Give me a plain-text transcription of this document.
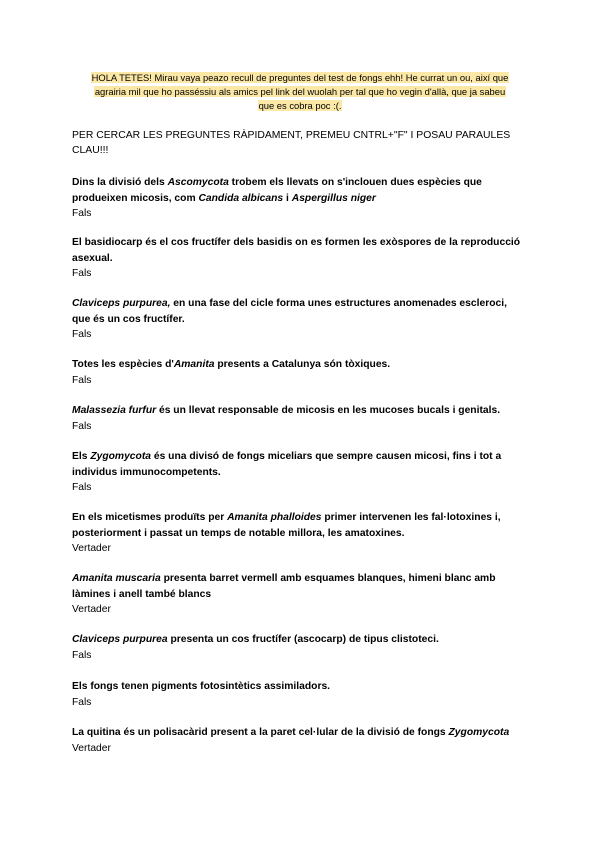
HOLA TETES! Mirau vaya peazo recull de preguntes del test de fongs ehh! He currat un ou, així que
agrairia mil que ho passéssiu als amics pel link del wuolah per tal que ho vegin d'allà, que ja sabeu
que es cobra poc :(.
PER CERCAR LES PREGUNTES RÀPIDAMENT, PREMEU CNTRL+"F" I POSAU PARAULES CLAU!!!
Dins la divisió dels Ascomycota trobem els llevats on s'inclouen dues espècies que
produeixen micosis, com Candida albicans i Aspergillus niger
Fals
El basidiocarp és el cos fructífer dels basidis on es formen les exòspores de la reproducció
asexual.
Fals
Claviceps purpurea, en una fase del cicle forma unes estructures anomenades escleroci,
que és un cos fructífer.
Fals
Totes les espècies d'Amanita presents a Catalunya són tòxiques.
Fals
Malassezia furfur és un llevat responsable de micosis en les mucoses bucals i genitals.
Fals
Els Zygomycota és una divisó de fongs miceliars que sempre causen micosi, fins i tot a
individus immunocompetents.
Fals
En els micetismes produïts per Amanita phalloides primer intervenen les fal·lotoxines i,
posteriorment i passat un temps de notable millora, les amatoxines.
Vertader
Amanita muscaria presenta barret vermell amb esquames blanques, himeni blanc amb
làmines i anell també blancs
Vertader
Claviceps purpurea presenta un cos fructífer (ascocarp) de tipus clistoteci.
Fals
Els fongs tenen pigments fotosintètics assimiladors.
Fals
La quitina és un polisacàrid present a la paret cel·lular de la divisió de fongs Zygomycota
Vertader
